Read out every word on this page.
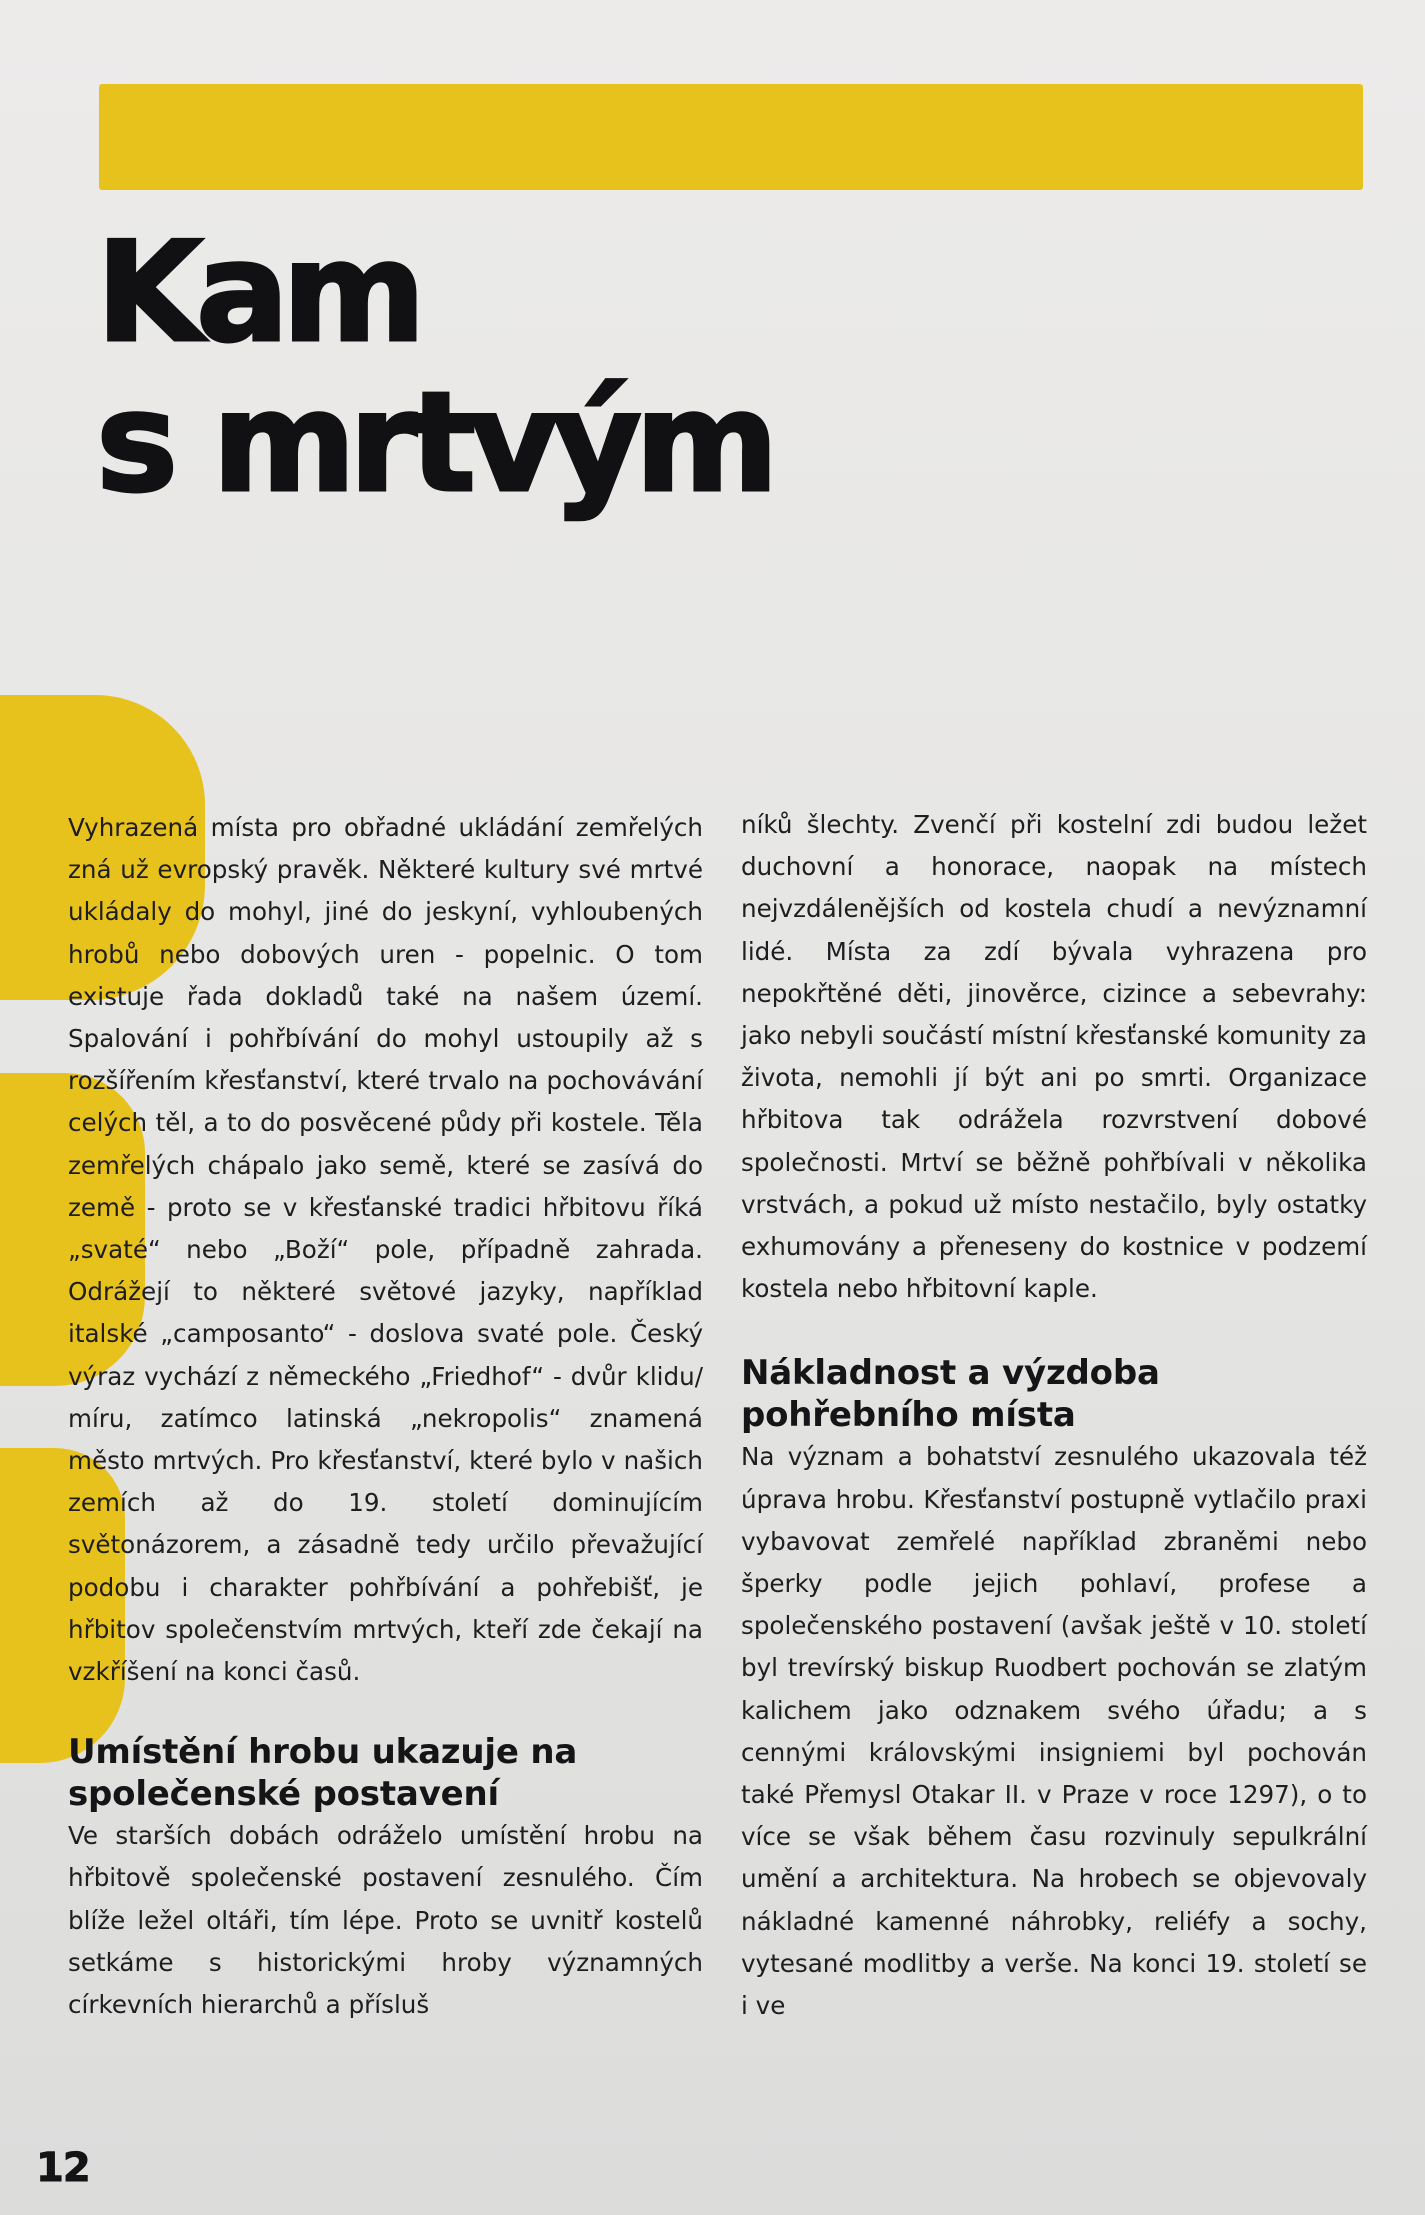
Kam
s mrtvým

Vyhrazená místa pro obřadné ukládání zemřelých zná už evropský pravěk. Některé kultury své mrtvé ukládaly do mohyl, jiné do jeskyní, vyhloubených hrobů nebo dobových uren - popelnic. O tom existuje řada dokladů také na našem území. Spalování i pohřbívání do mohyl ustoupily až s rozšířením křesťanství, které trvalo na pochovávání celých těl, a to do posvěcené půdy při kostele. Těla zemřelých chápalo jako semě, které se zasívá do země - proto se v křesťanské tradici hřbitovu říká „svaté“ nebo „Boží“ pole, případně zahrada. Odrážejí to některé světové jazyky, například italské „camposanto“ - doslova svaté pole. Český výraz vychází z německého „Friedhof“ - dvůr klidu/ míru, zatímco latinská „nekropolis“ znamená město mrtvých. Pro křesťanství, které bylo v našich zemích až do 19. století dominujícím světonázorem, a zásadně tedy určilo převažující podobu i charakter pohřbívání a pohřebišť, je hřbitov společenstvím mrtvých, kteří zde čekají na vzkříšení na konci časů.

Umístění hrobu ukazuje na společenské postavení

Ve starších dobách odráželo umístění hrobu na hřbitově společenské postavení zesnulého. Čím blíže ležel oltáři, tím lépe. Proto se uvnitř kostelů setkáme s historickými hroby významných církevních hierarchů a přísluš

níků šlechty. Zvenčí při kostelní zdi budou ležet duchovní a honorace, naopak na místech nejvzdálenějších od kostela chudí a nevýznamní lidé. Místa za zdí bývala vyhrazena pro nepokřtěné děti, jinověrce, cizince a sebevrahy: jako nebyli součástí místní křesťanské komunity za života, nemohli jí být ani po smrti. Organizace hřbitova tak odrážela rozvrstvení dobové společnosti. Mrtví se běžně pohřbívali v několika vrstvách, a pokud už místo nestačilo, byly ostatky exhumovány a přeneseny do kostnice v podzemí kostela nebo hřbitovní kaple.

Nákladnost a výzdoba pohřebního místa

Na význam a bohatství zesnulého ukazovala též úprava hrobu. Křesťanství postupně vytlačilo praxi vybavovat zemřelé například zbraněmi nebo šperky podle jejich pohlaví, profese a společenského postavení (avšak ještě v 10. století byl trevírský biskup Ruodbert pochován se zlatým kalichem jako odznakem svého úřadu; a s cennými královskými insigniemi byl pochován také Přemysl Otakar II. v Praze v roce 1297), o to více se však během času rozvinuly sepulkrální umění a architektura. Na hrobech se objevovaly nákladné kamenné náhrobky, reliéfy a sochy, vytesané modlitby a verše. Na konci 19. století se i ve

12
